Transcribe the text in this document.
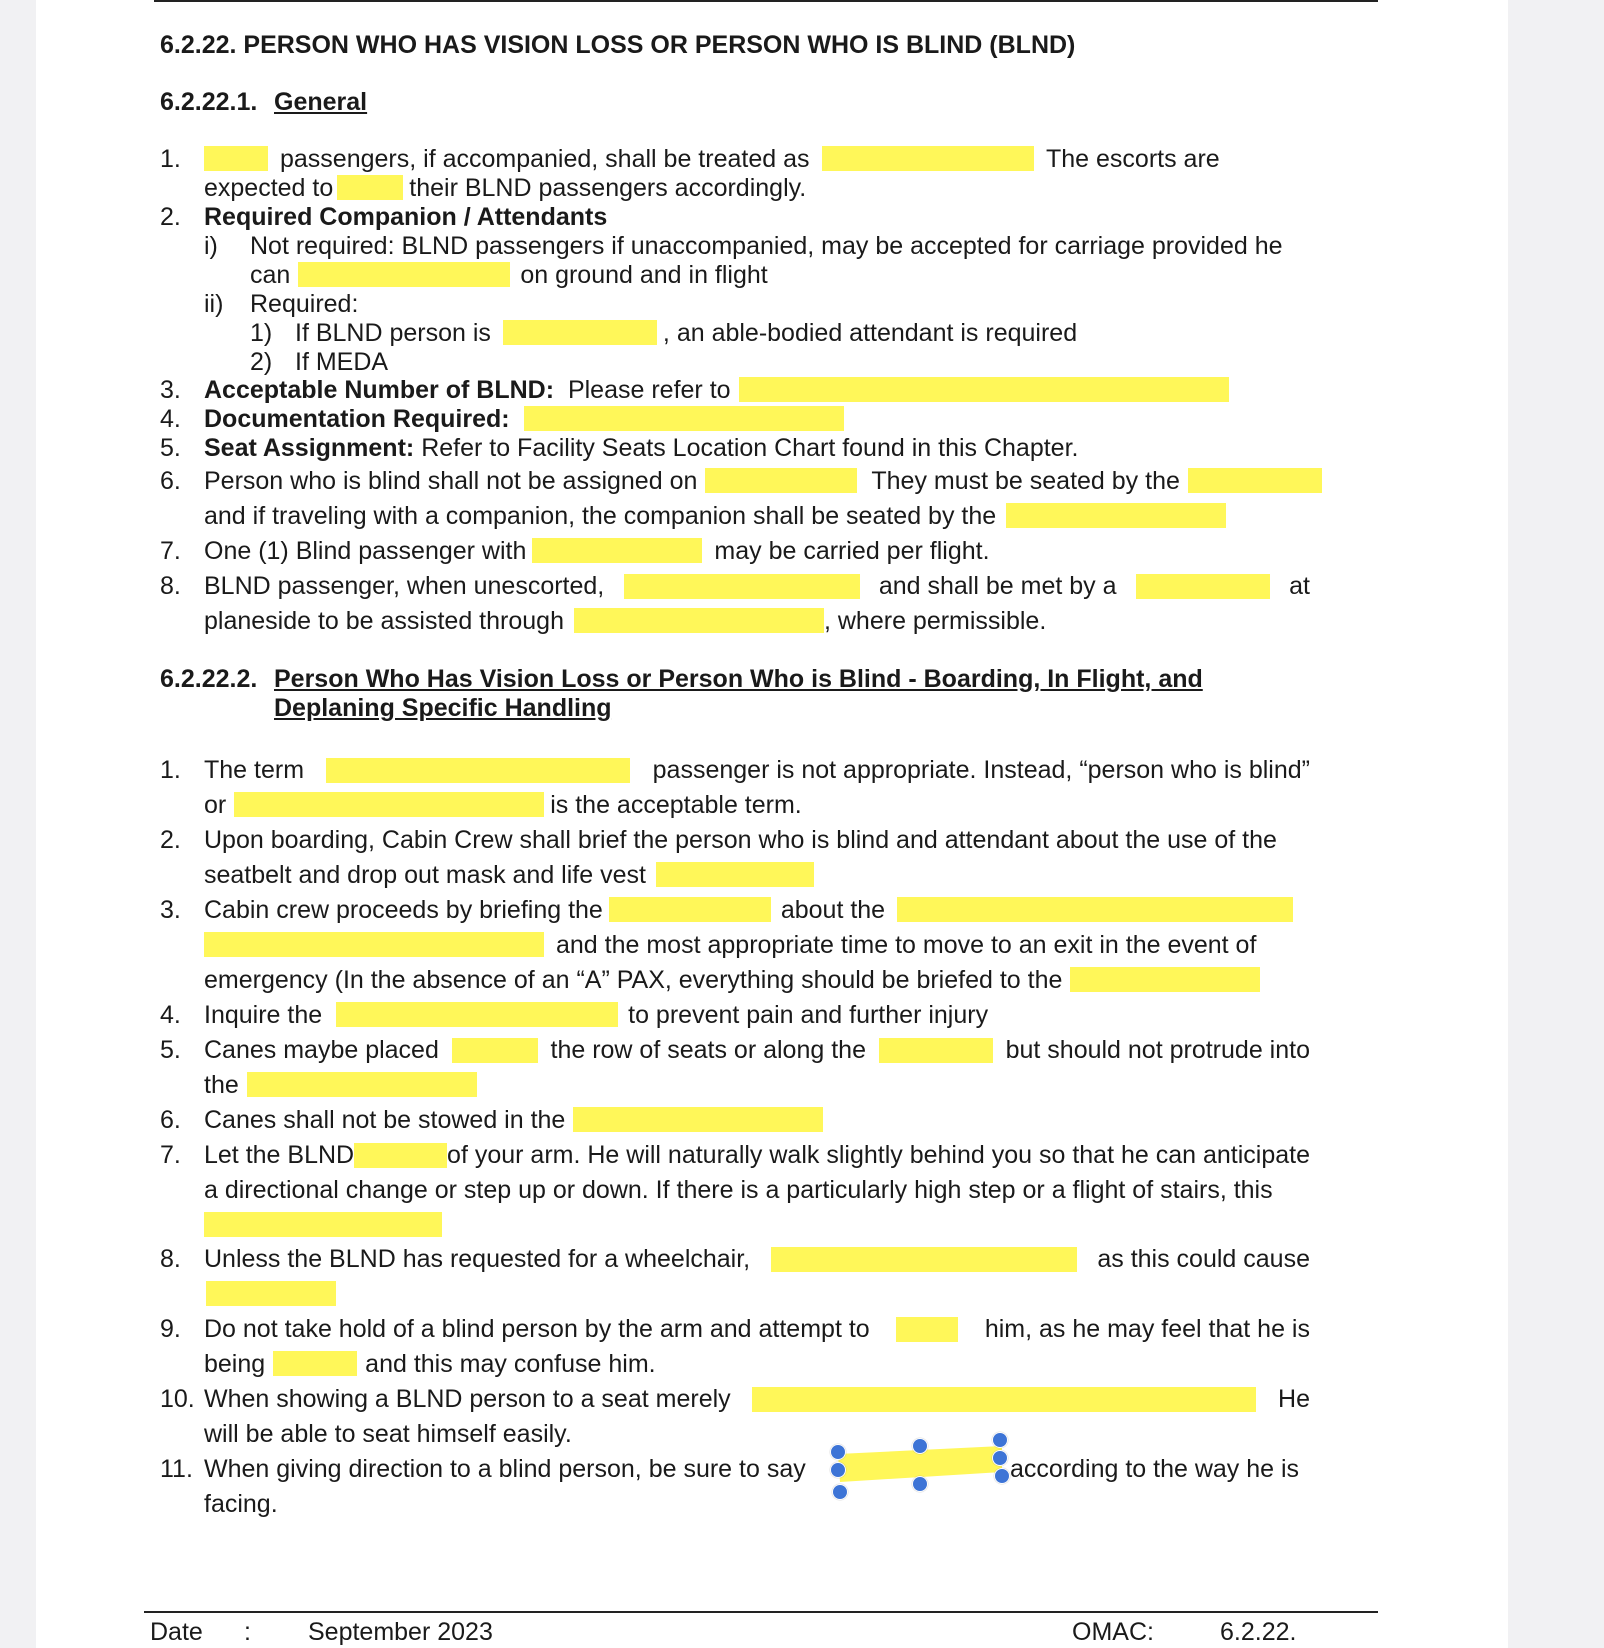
6.2.22. PERSON WHO HAS VISION LOSS OR PERSON WHO IS BLIND (BLND)
6.2.22.1. General
1.	passengers, if accompanied, shall be treated as	The escorts are
expected to	their BLND passengers accordingly.
2. Required Companion / Attendants
i) Not required: BLND passengers if unaccompanied, may be accepted for carriage provided he
can	on ground and in flight
ii) Required:
1) If BLND person is	, an able-bodied attendant is required
2) If MEDA
3. Acceptable Number of BLND: Please refer to
4. Documentation Required:
5. Seat Assignment: Refer to Facility Seats Location Chart found in this Chapter.
6. Person who is blind shall not be assigned on	They must be seated by the
and if traveling with a companion, the companion shall be seated by the
7. One (1) Blind passenger with	may be carried per flight.
8. BLND passenger, when unescorted,	and shall be met by a	at
planeside to be assisted through	, where permissible.
6.2.22.2. Person Who Has Vision Loss or Person Who is Blind - Boarding, In Flight, and
Deplaning Specific Handling
1. The term	passenger is not appropriate. Instead, “person who is blind”
or	is the acceptable term.
2. Upon boarding, Cabin Crew shall brief the person who is blind and attendant about the use of the
seatbelt and drop out mask and life vest
3. Cabin crew proceeds by briefing the	about the
and the most appropriate time to move to an exit in the event of
emergency (In the absence of an “A” PAX, everything should be briefed to the
4. Inquire the	to prevent pain and further injury
5. Canes maybe placed	the row of seats or along the	but should not protrude into
the
6. Canes shall not be stowed in the
7. Let the BLND	of your arm. He will naturally walk slightly behind you so that he can anticipate
a directional change or step up or down. If there is a particularly high step or a flight of stairs, this
8. Unless the BLND has requested for a wheelchair,	as this could cause
9. Do not take hold of a blind person by the arm and attempt to	him, as he may feel that he is
being	and this may confuse him.
10. When showing a BLND person to a seat merely	He
will be able to seat himself easily.
11. When giving direction to a blind person, be sure to say	according to the way he is
facing.
Date : September 2023	OMAC:	6.2.22.
